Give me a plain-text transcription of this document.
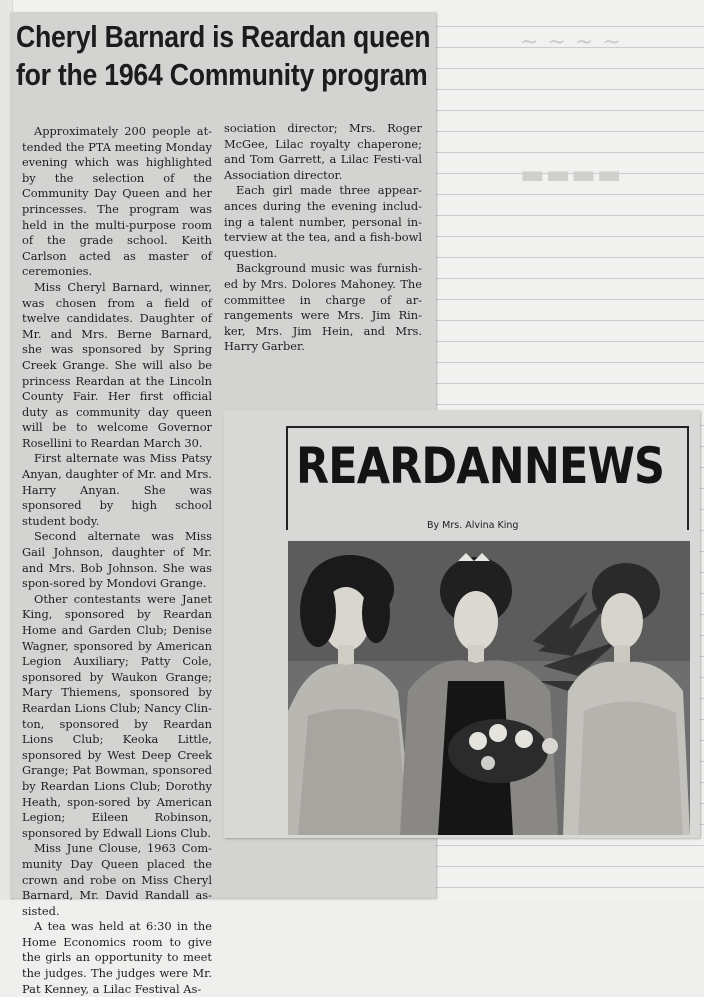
~ ~ ~ ~
▬▬▬▬
Cheryl Barnard is Reardan queen
for the 1964 Community program

Approximately 200 people at-tended the PTA meeting Monday evening which was highlighted by the selection of the Community Day Queen and her princesses. The program was held in the multi-purpose room of the grade school. Keith Carlson acted as master of ceremonies.

Miss Cheryl Barnard, winner, was chosen from a field of twelve candidates. Daughter of Mr. and Mrs. Berne Barnard, she was sponsored by Spring Creek Grange. She will also be princess Reardan at the Lincoln County Fair. Her first official duty as community day queen will be to welcome Governor Rosellini to Reardan March 30.

First alternate was Miss Patsy Anyan, daughter of Mr. and Mrs. Harry Anyan. She was sponsored by high school student body.

Second alternate was Miss Gail Johnson, daughter of Mr. and Mrs. Bob Johnson. She was spon-sored by Mondovi Grange.

Other contestants were Janet King, sponsored by Reardan Home and Garden Club; Denise Wagner, sponsored by American Legion Auxiliary; Patty Cole, sponsored by Waukon Grange; Mary Thiemens, sponsored by Reardan Lions Club; Nancy Clin-ton, sponsored by Reardan Lions Club; Keoka Little, sponsored by West Deep Creek Grange; Pat Bowman, sponsored by Reardan Lions Club; Dorothy Heath, spon-sored by American Legion; Eileen Robinson, sponsored by Edwall Lions Club.

Miss June Clouse, 1963 Com-munity Day Queen placed the crown and robe on Miss Cheryl Barnard, Mr. David Randall as-sisted.

A tea was held at 6:30 in the Home Economics room to give the girls an opportunity to meet the judges. The judges were Mr. Pat Kenney, a Lilac Festival As-

sociation director; Mrs. Roger McGee, Lilac royalty chaperone; and Tom Garrett, a Lilac Festi-val Association director.

Each girl made three appear-ances during the evening includ-ing a talent number, personal in-terview at the tea, and a fish-bowl question.

Background music was furnish-ed by Mrs. Dolores Mahoney. The committee in charge of ar-rangements were Mrs. Jim Rin-ker, Mrs. Jim Hein, and Mrs. Harry Garber.

REARDANNEWS
By Mrs. Alvina King
